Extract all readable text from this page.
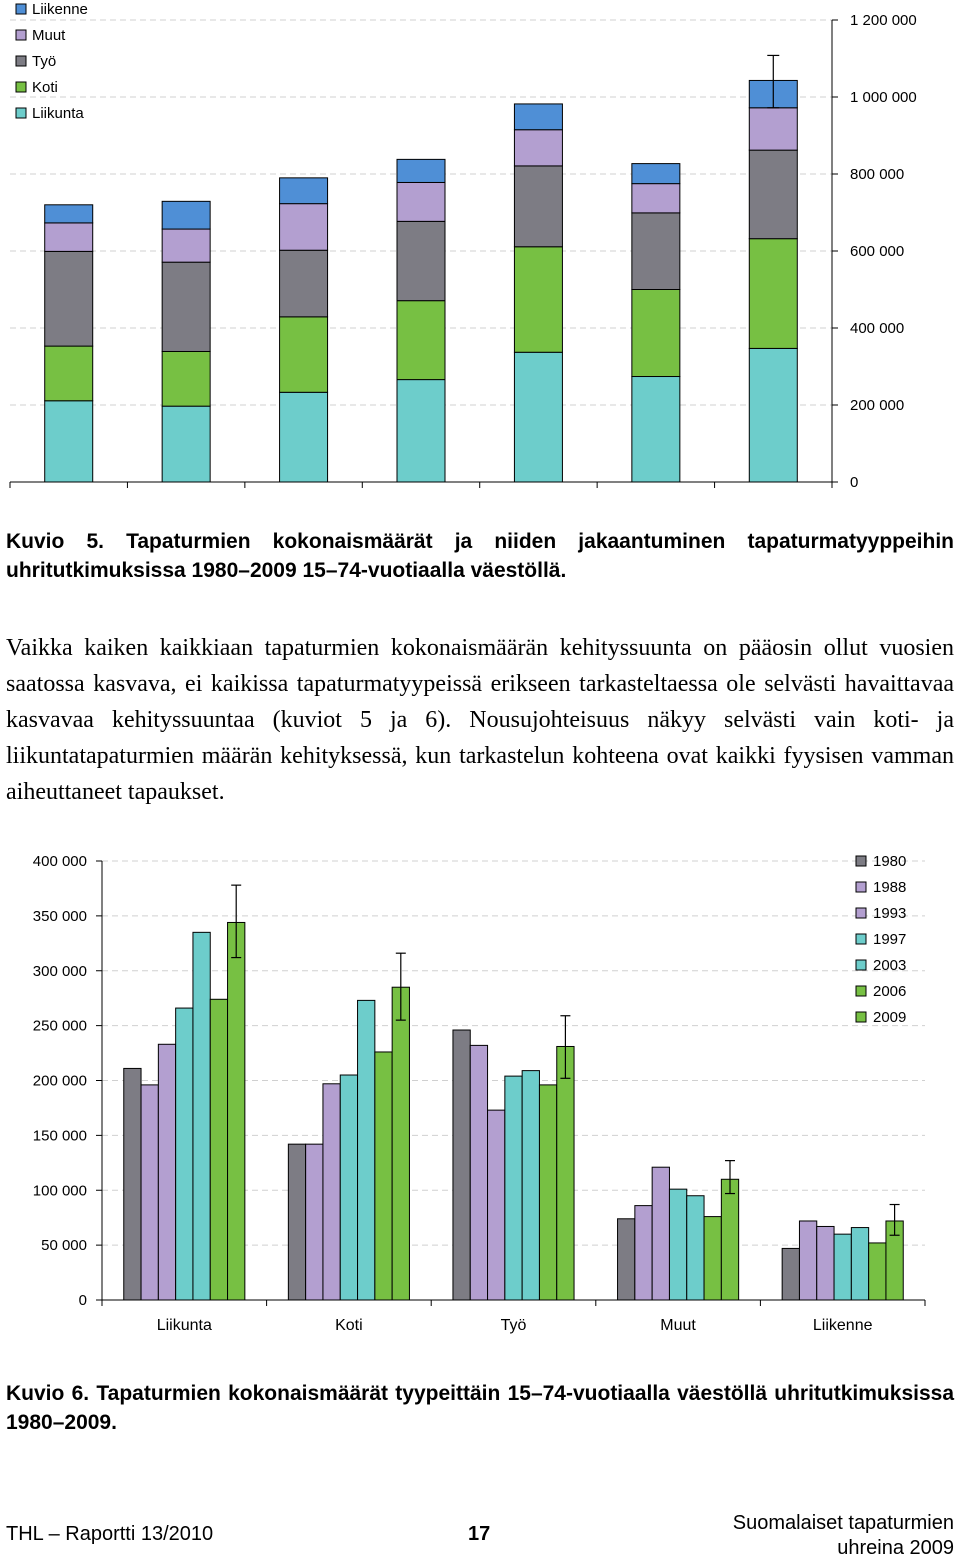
0
200 000
400 000
600 000
800 000
1 000 000
1 200 000
Liikenne
Muut
Työ
Koti
Liikunta
Kuvio 5. Tapaturmien kokonaismäärät ja niiden jakaantuminen tapaturmatyyppeihin uhritutkimuksissa 1980–2009 15–74-vuotiaalla väestöllä.
Vaikka kaiken kaikkiaan tapaturmien kokonaismäärän kehityssuunta on pääosin ollut vuosien saatossa kasvava, ei kaikissa tapaturmatyypeissä erikseen tarkasteltaessa ole selvästi havaittavaa kasvavaa kehityssuuntaa (kuviot 5 ja 6). Nousujohteisuus näkyy selvästi vain koti- ja liikuntatapaturmien määrän kehityksessä, kun tarkastelun kohteena ovat kaikki fyysisen vamman aiheuttaneet tapaukset.
0
50 000
100 000
150 000
200 000
250 000
300 000
350 000
400 000
Liikunta	Koti	Työ	Muut	Liikenne
1980
1988
1993
1997
2003
2006
2009
Kuvio 6. Tapaturmien kokonaismäärät tyypeittäin 15–74-vuotiaalla väestöllä uhritutkimuksissa 1980–2009.
THL – Raportti 13/2010	17	Suomalaiset tapaturmien
uhreina 2009
